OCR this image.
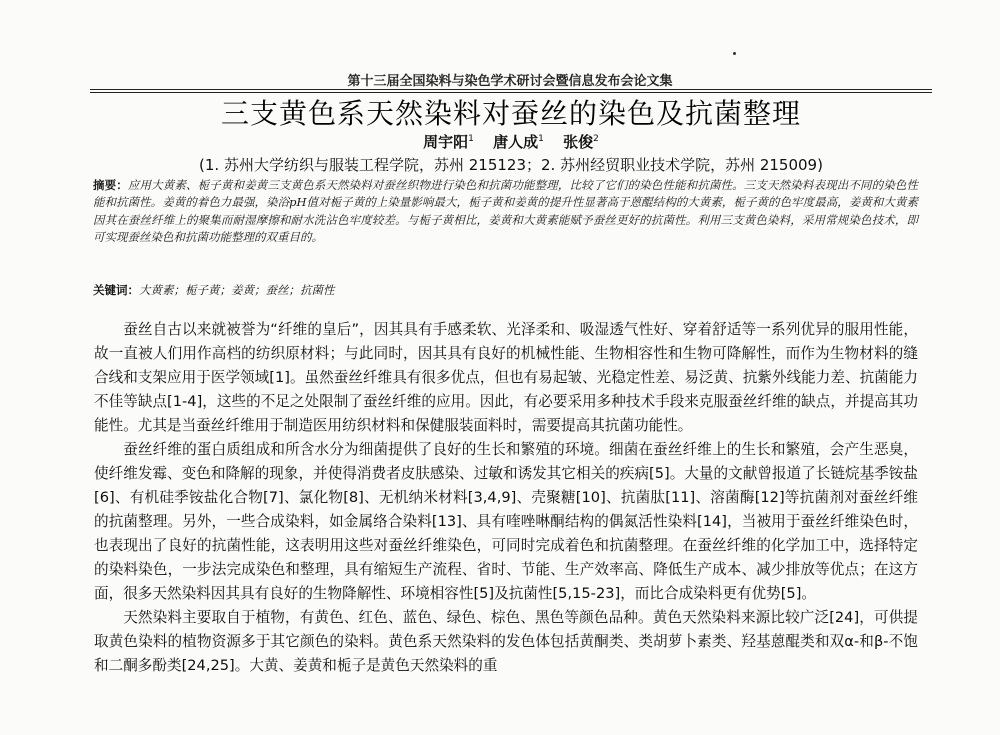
第十三届全国染料与染色学术研讨会暨信息发布会论文集
三支黄色系天然染料对蚕丝的染色及抗菌整理
周宇阳$^1$ 唐人成$^1$ 张俊$^2$
(1. 苏州大学纺织与服装工程学院，苏州 215123；2. 苏州经贸职业技术学院，苏州 215009)
摘要：应用大黄素、栀子黄和姜黄三支黄色系天然染料对蚕丝织物进行染色和抗菌功能整理，比较了它们的染色性能和抗菌性。三支天然染料表现出不同的染色性能和抗菌性。姜黄的着色力最强，染浴pH值对栀子黄的上染量影响最大，栀子黄和姜黄的提升性显著高于蒽醌结构的大黄素，栀子黄的色牢度最高，姜黄和大黄素因其在蚕丝纤维上的聚集而耐湿摩擦和耐水洗沾色牢度较差。与栀子黄相比，姜黄和大黄素能赋予蚕丝更好的抗菌性。利用三支黄色染料，采用常规染色技术，即可实现蚕丝染色和抗菌功能整理的双重目的。
关键词：大黄素；栀子黄；姜黄；蚕丝；抗菌性

蚕丝自古以来就被誉为“纤维的皇后”，因其具有手感柔软、光泽柔和、吸湿透气性好、穿着舒适等一系列优异的服用性能，故一直被人们用作高档的纺织原材料；与此同时，因其具有良好的机械性能、生物相容性和生物可降解性，而作为生物材料的缝合线和支架应用于医学领域[1]。虽然蚕丝纤维具有很多优点，但也有易起皱、光稳定性差、易泛黄、抗紫外线能力差、抗菌能力不佳等缺点[1-4]，这些的不足之处限制了蚕丝纤维的应用。因此，有必要采用多种技术手段来克服蚕丝纤维的缺点，并提高其功能性。尤其是当蚕丝纤维用于制造医用纺织材料和保健服装面料时，需要提高其抗菌功能性。

蚕丝纤维的蛋白质组成和所含水分为细菌提供了良好的生长和繁殖的环境。细菌在蚕丝纤维上的生长和繁殖，会产生恶臭，使纤维发霉、变色和降解的现象，并使得消费者皮肤感染、过敏和诱发其它相关的疾病[5]。大量的文献曾报道了长链烷基季铵盐[6]、有机硅季铵盐化合物[7]、氯化物[8]、无机纳米材料[3,4,9]、壳聚糖[10]、抗菌肽[11]、溶菌酶[12]等抗菌剂对蚕丝纤维的抗菌整理。另外，一些合成染料，如金属络合染料[13]、具有喹唑啉酮结构的偶氮活性染料[14]，当被用于蚕丝纤维染色时，也表现出了良好的抗菌性能，这表明用这些对蚕丝纤维染色，可同时完成着色和抗菌整理。在蚕丝纤维的化学加工中，选择特定的染料染色，一步法完成染色和整理，具有缩短生产流程、省时、节能、生产效率高、降低生产成本、减少排放等优点；在这方面，很多天然染料因其具有良好的生物降解性、环境相容性[5]及抗菌性[5,15-23]，而比合成染料更有优势[5]。

天然染料主要取自于植物，有黄色、红色、蓝色、绿色、棕色、黑色等颜色品种。黄色天然染料来源比较广泛[24]，可供提取黄色染料的植物资源多于其它颜色的染料。黄色系天然染料的发色体包括黄酮类、类胡萝卜素类、羟基蒽醌类和双α-和β-不饱和二酮多酚类[24,25]。大黄、姜黄和栀子是黄色天然染料的重
